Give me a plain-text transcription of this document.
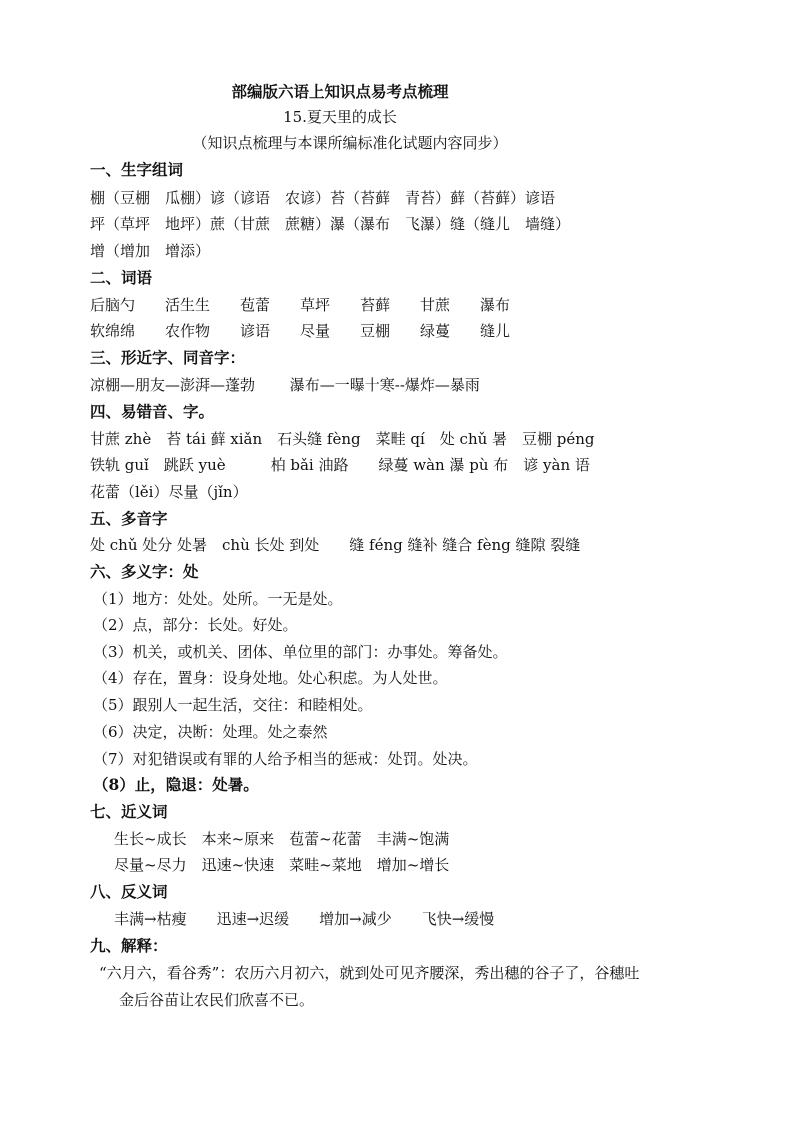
部编版六语上知识点易考点梳理
15.夏天里的成长
（知识点梳理与本课所编标准化试题内容同步）
一、生字组词
棚（豆棚　瓜棚）谚（谚语　农谚）苔（苔藓　青苔）藓（苔藓）谚语
坪（草坪　地坪）蔗（甘蔗　蔗糖）瀑（瀑布　飞瀑）缝（缝儿　墙缝）
增（增加　增添）
二、词语
后脑勺　　活生生　　苞蕾　　草坪　　苔藓　　甘蔗　　瀑布
软绵绵　　农作物　　谚语　　尽量　　豆棚　　绿蔓　　缝儿
三、形近字、同音字：
凉棚—朋友—澎湃—蓬勃　　 瀑布—一曝十寒--爆炸—暴雨
四、易错音、字。
甘蔗 zhè　苔 tái 藓 xiǎn　石头缝 fèng　菜畦 qí　处 chǔ 暑　豆棚 péng
铁轨 guǐ　跳跃 yuè　　　柏 bǎi 油路　　绿蔓 wàn 瀑 pù 布　谚 yàn 语
花蕾（lěi）尽量（jǐn）
五、多音字
处 chǔ 处分 处暑　chù 长处 到处　　缝 féng 缝补 缝合 fèng 缝隙 裂缝
六、多义字：处
（1）地方：处处。处所。一无是处。
（2）点，部分：长处。好处。
（3）机关，或机关、团体、单位里的部门：办事处。筹备处。
（4）存在，置身：设身处地。处心积虑。为人处世。
（5）跟别人一起生活，交往：和睦相处。
（6）决定，决断：处理。处之泰然
（7）对犯错误或有罪的人给予相当的惩戒：处罚。处决。
（8）止，隐退：处暑。
七、近义词
生长~成长　本来~原来　苞蕾~花蕾　丰满~饱满
尽量~尽力　迅速~快速　菜畦~菜地　增加~增长
八、反义词
丰满→枯瘦　　迅速→迟缓　　增加→减少　　飞快→缓慢
九、解释：
“六月六，看谷秀”：农历六月初六，就到处可见齐腰深，秀出穗的谷子了，谷穗吐
金后谷苗让农民们欣喜不已。
